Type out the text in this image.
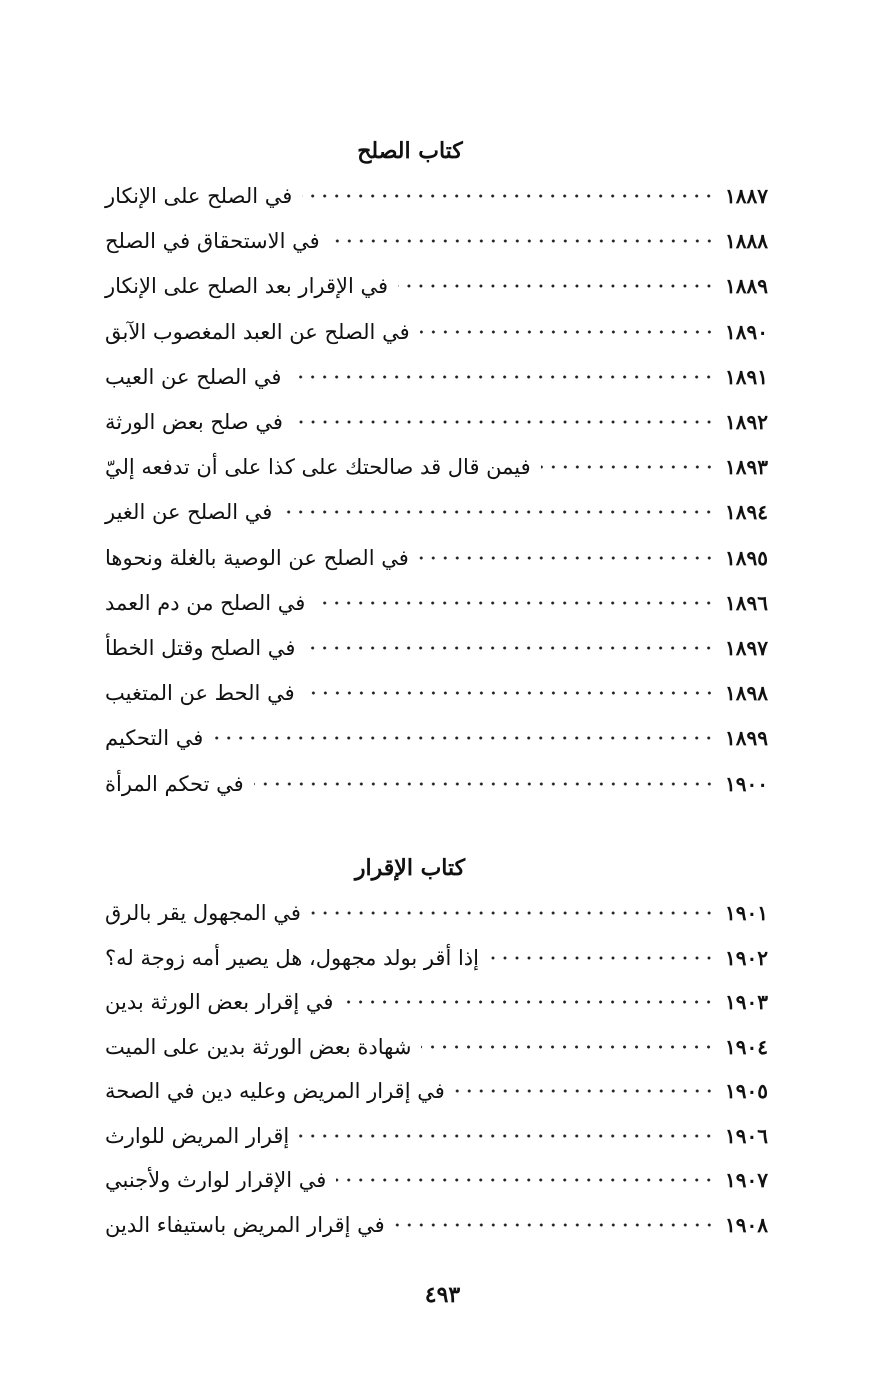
كتاب الصلح
في الصلح على الإنكار	١٨٨٧
في الاستحقاق في الصلح	١٨٨٨
في الإقرار بعد الصلح على الإنكار	١٨٨٩
في الصلح عن العبد المغصوب الآبق	١٨٩٠
في الصلح عن العيب	١٨٩١
في صلح بعض الورثة	١٨٩٢
فيمن قال قد صالحتك على كذا على أن تدفعه إليّ	١٨٩٣
في الصلح عن الغير	١٨٩٤
في الصلح عن الوصية بالغلة ونحوها	١٨٩٥
في الصلح من دم العمد	١٨٩٦
في الصلح وقتل الخطأ	١٨٩٧
في الحط عن المتغيب	١٨٩٨
في التحكيم	١٨٩٩
في تحكم المرأة	١٩٠٠
كتاب الإقرار
في المجهول يقر بالرق	١٩٠١
إذا أقر بولد مجهول، هل يصير أمه زوجة له؟	١٩٠٢
في إقرار بعض الورثة بدين	١٩٠٣
شهادة بعض الورثة بدين على الميت	١٩٠٤
في إقرار المريض وعليه دين في الصحة	١٩٠٥
إقرار المريض للوارث	١٩٠٦
في الإقرار لوارث ولأجنبي	١٩٠٧
في إقرار المريض باستيفاء الدين	١٩٠٨
٤٩٣
